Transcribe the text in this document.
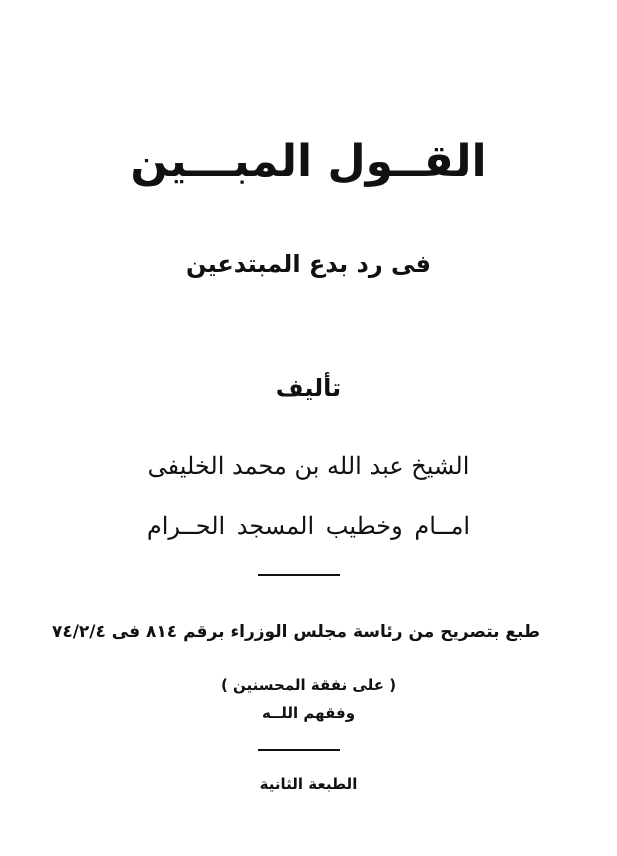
القــول المبـــين
فى رد بدع المبتدعين
تأليف
الشيخ عبد الله بن محمد الخليفى
امــام وخطيب المسجد الحــرام
طبع بتصريح من رئاسة مجلس الوزراء برقم ٨١٤ فى ٧٤/٢/٤
( على نفقة المحسنين )
وفقهم اللــه
الطبعة الثانية
